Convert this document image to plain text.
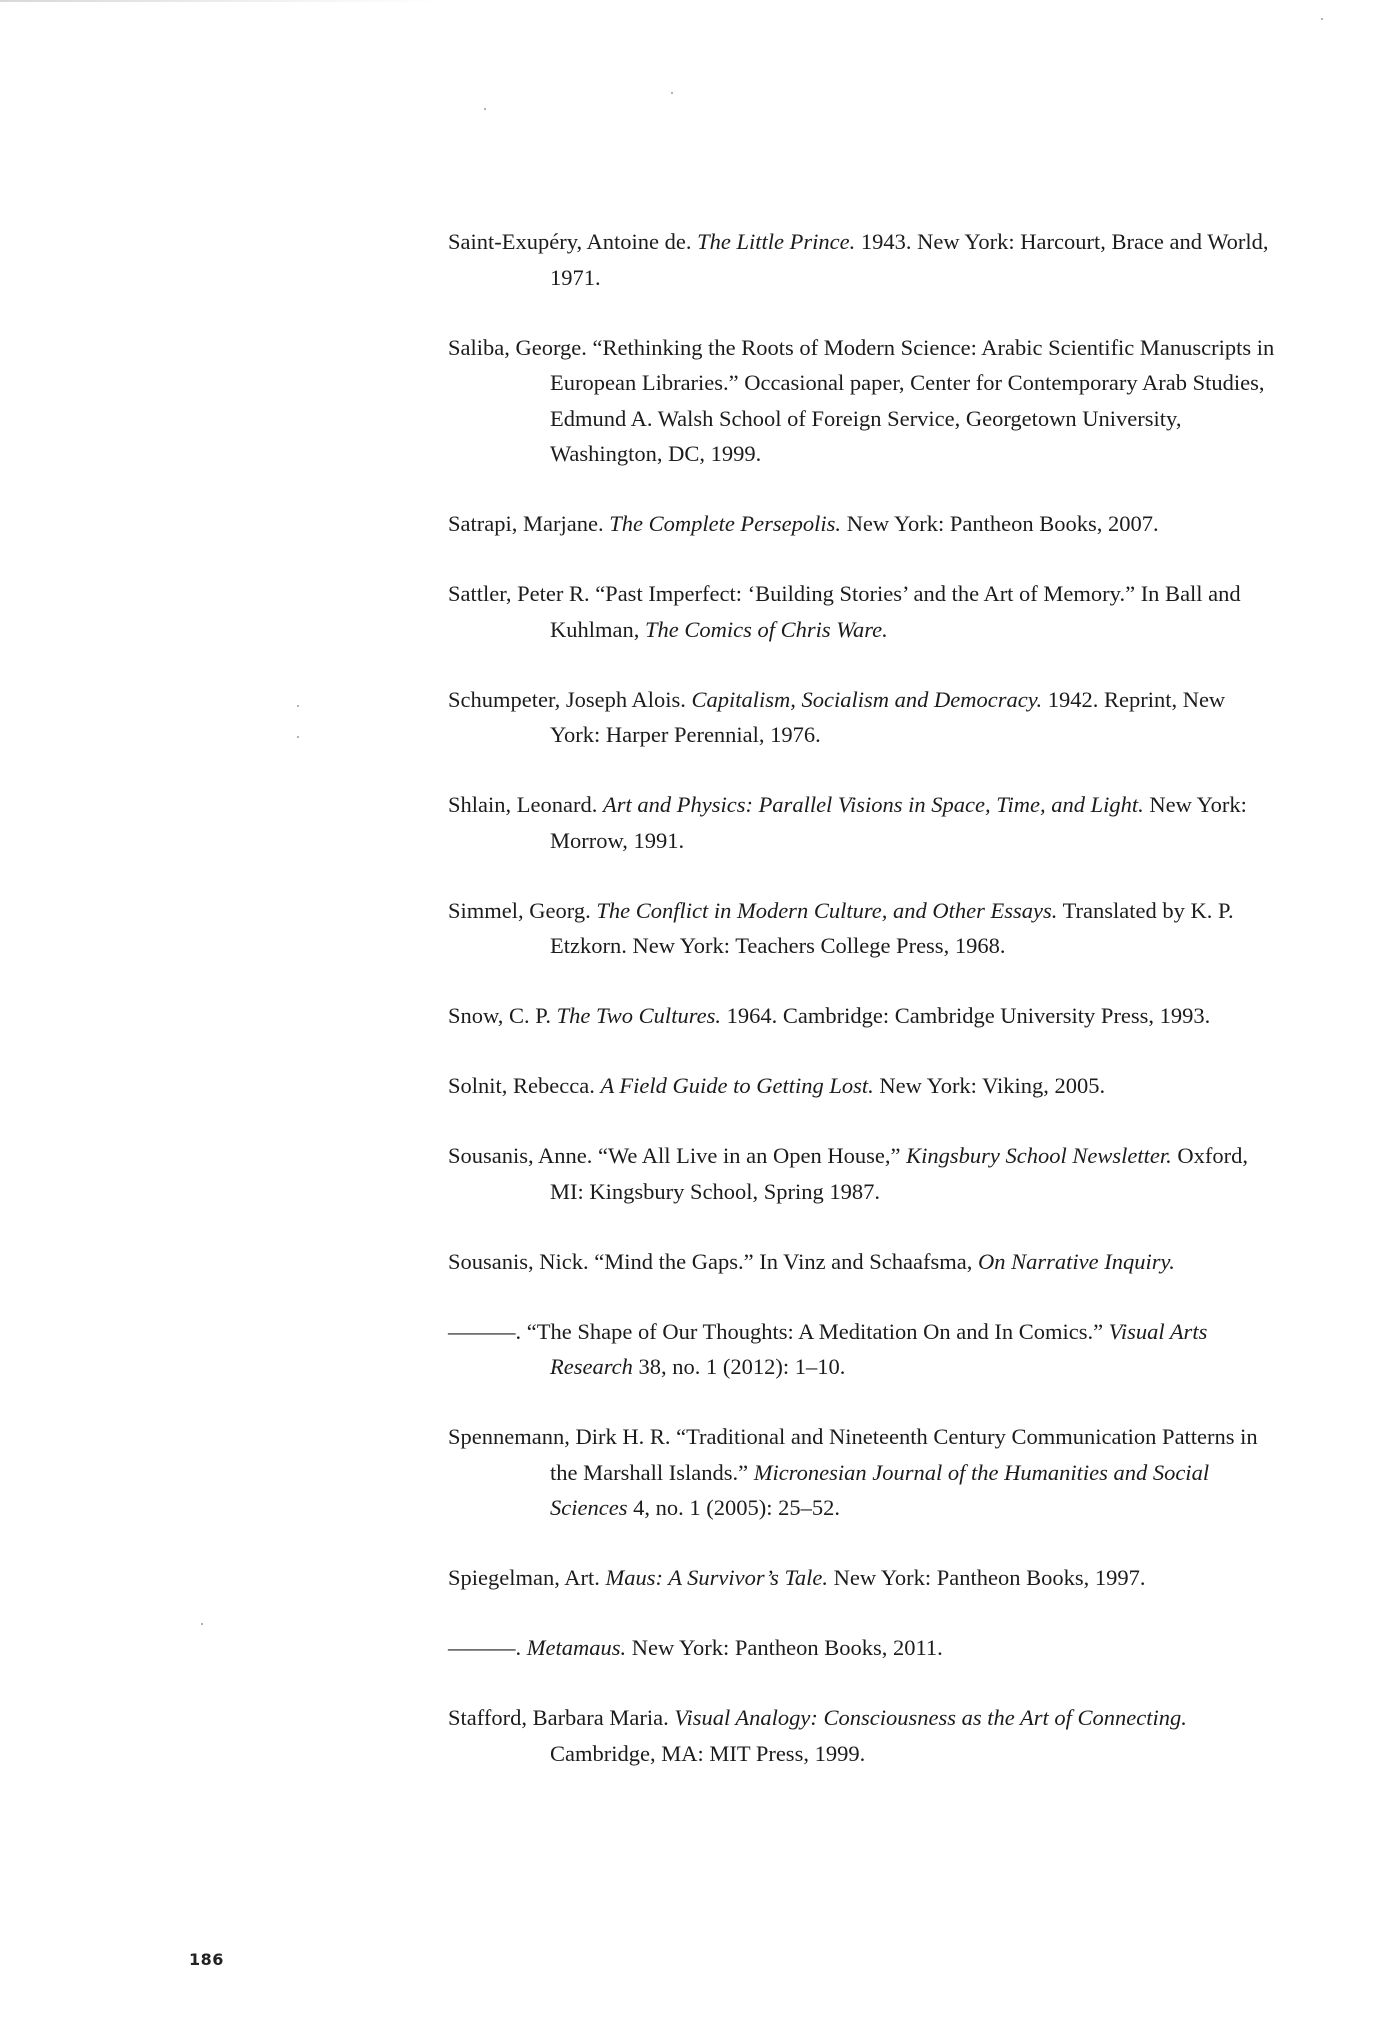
Saint-Exupéry, Antoine de. The Little Prince. 1943. New York: Harcourt, Brace and World, 1971.
Saliba, George. “Rethinking the Roots of Modern Science: Arabic Scientific Manuscripts in European Libraries.” Occasional paper, Center for Contemporary Arab Studies, Edmund A. Walsh School of Foreign Service, Georgetown University, Washington, DC, 1999.
Satrapi, Marjane. The Complete Persepolis. New York: Pantheon Books, 2007.
Sattler, Peter R. “Past Imperfect: ‘Building Stories’ and the Art of Memory.” In Ball and Kuhlman, The Comics of Chris Ware.
Schumpeter, Joseph Alois. Capitalism, Socialism and Democracy. 1942. Reprint, New York: Harper Perennial, 1976.
Shlain, Leonard. Art and Physics: Parallel Visions in Space, Time, and Light. New York: Morrow, 1991.
Simmel, Georg. The Conflict in Modern Culture, and Other Essays. Translated by K. P. Etzkorn. New York: Teachers College Press, 1968.
Snow, C. P. The Two Cultures. 1964. Cambridge: Cambridge University Press, 1993.
Solnit, Rebecca. A Field Guide to Getting Lost. New York: Viking, 2005.
Sousanis, Anne. “We All Live in an Open House,” Kingsbury School Newsletter. Oxford, MI: Kingsbury School, Spring 1987.
Sousanis, Nick. “Mind the Gaps.” In Vinz and Schaafsma, On Narrative Inquiry.
———. “The Shape of Our Thoughts: A Meditation On and In Comics.” Visual Arts Research 38, no. 1 (2012): 1–10.
Spennemann, Dirk H. R. “Traditional and Nineteenth Century Communication Patterns in the Marshall Islands.” Micronesian Journal of the Humanities and Social Sciences 4, no. 1 (2005): 25–52.
Spiegelman, Art. Maus: A Survivor’s Tale. New York: Pantheon Books, 1997.
———. Metamaus. New York: Pantheon Books, 2011.
Stafford, Barbara Maria. Visual Analogy: Consciousness as the Art of Connecting. Cambridge, MA: MIT Press, 1999.
186
